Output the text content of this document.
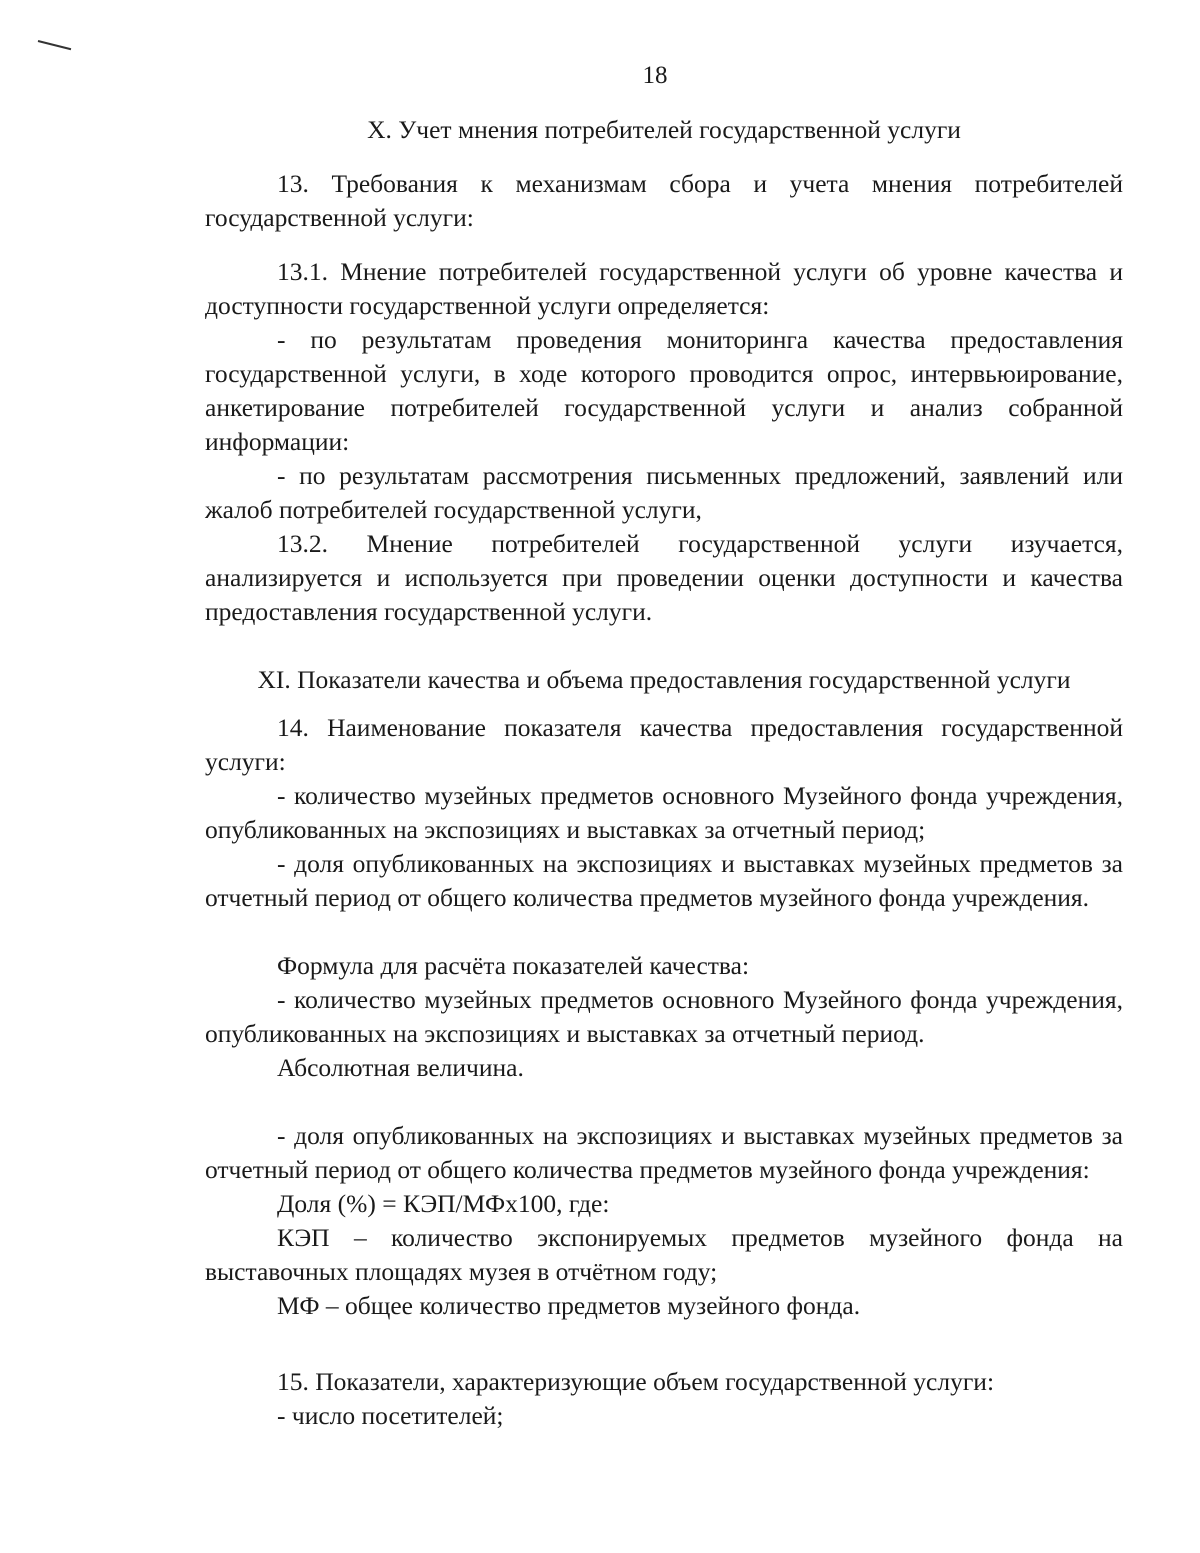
18

X. Учет мнения потребителей государственной услуги

13. Требования к механизмам сбора и учета мнения потребителей государственной услуги:

13.1. Мнение потребителей государственной услуги об уровне качества и доступности государственной услуги определяется:

- по результатам проведения мониторинга качества предоставления государственной услуги, в ходе которого проводится опрос, интервьюирование, анкетирование потребителей государственной услуги и анализ собранной информации:

- по результатам рассмотрения письменных предложений, заявлений или жалоб потребителей государственной услуги,

13.2. Мнение потребителей государственной услуги изучается, анализируется и используется при проведении оценки доступности и качества предоставления государственной услуги.

XI. Показатели качества и объема предоставления государственной услуги

14. Наименование показателя качества предоставления государственной услуги:

- количество музейных предметов основного Музейного фонда учреждения, опубликованных на экспозициях и выставках за отчетный период;

- доля опубликованных на экспозициях и выставках музейных предметов за отчетный период от общего количества предметов музейного фонда учреждения.

Формула для расчёта показателей качества:

- количество музейных предметов основного Музейного фонда учреждения, опубликованных на экспозициях и выставках за отчетный период.

Абсолютная величина.

- доля опубликованных на экспозициях и выставках музейных предметов за отчетный период от общего количества предметов музейного фонда учреждения:

Доля (%) = КЭП/МФх100, где:

КЭП – количество экспонируемых предметов музейного фонда на выставочных площадях музея в отчётном году;

МФ – общее количество предметов музейного фонда.

15. Показатели, характеризующие объем государственной услуги:

- число посетителей;
